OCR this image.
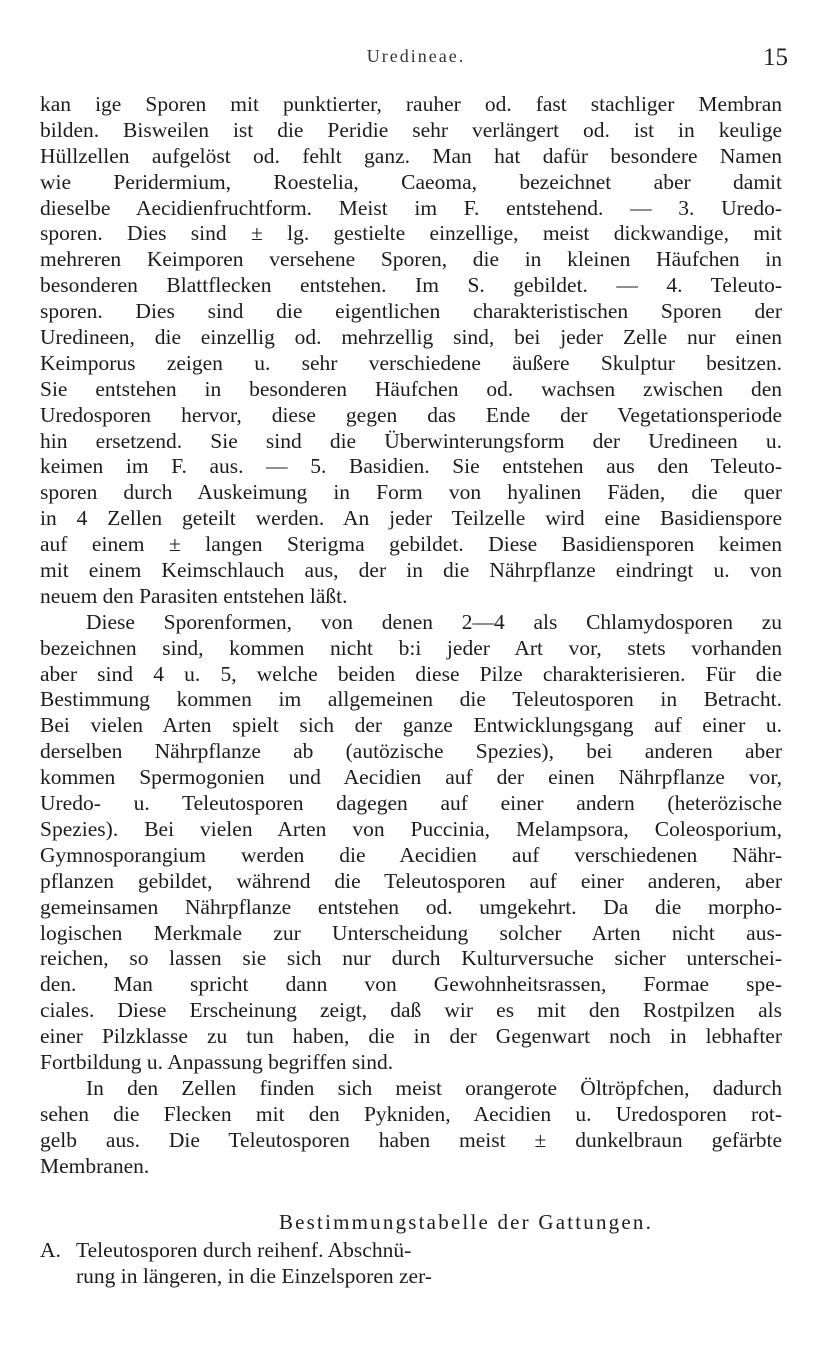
Uredineae.	15
kan ige Sporen mit punktierter, rauher od. fast stachliger Membran
bilden. Bisweilen ist die Peridie sehr verlängert od. ist in keulige
Hüllzellen aufgelöst od. fehlt ganz. Man hat dafür besondere Namen
wie Peridermium, Roestelia, Caeoma, bezeichnet aber damit
dieselbe Aecidienfruchtform. Meist im F. entstehend. — 3. Uredo-
sporen. Dies sind ± lg. gestielte einzellige, meist dickwandige, mit
mehreren Keimporen versehene Sporen, die in kleinen Häufchen in
besonderen Blattflecken entstehen. Im S. gebildet. — 4. Teleuto-
sporen. Dies sind die eigentlichen charakteristischen Sporen der
Uredineen, die einzellig od. mehrzellig sind, bei jeder Zelle nur einen
Keimporus zeigen u. sehr verschiedene äußere Skulptur besitzen.
Sie entstehen in besonderen Häufchen od. wachsen zwischen den
Uredosporen hervor, diese gegen das Ende der Vegetationsperiode
hin ersetzend. Sie sind die Überwinterungsform der Uredineen u.
keimen im F. aus. — 5. Basidien. Sie entstehen aus den Teleuto-
sporen durch Auskeimung in Form von hyalinen Fäden, die quer
in 4 Zellen geteilt werden. An jeder Teilzelle wird eine Basidienspore
auf einem ± langen Sterigma gebildet. Diese Basidiensporen keimen
mit einem Keimschlauch aus, der in die Nährpflanze eindringt u. von
neuem den Parasiten entstehen läßt.
Diese Sporenformen, von denen 2—4 als Chlamydosporen zu
bezeichnen sind, kommen nicht b:i jeder Art vor, stets vorhanden
aber sind 4 u. 5, welche beiden diese Pilze charakterisieren. Für die
Bestimmung kommen im allgemeinen die Teleutosporen in Betracht.
Bei vielen Arten spielt sich der ganze Entwicklungsgang auf einer u.
derselben Nährpflanze ab (autözische Spezies), bei anderen aber
kommen Spermogonien und Aecidien auf der einen Nährpflanze vor,
Uredo- u. Teleutosporen dagegen auf einer andern (heterözische
Spezies). Bei vielen Arten von Puccinia, Melampsora, Coleosporium,
Gymnosporangium werden die Aecidien auf verschiedenen Nähr-
pflanzen gebildet, während die Teleutosporen auf einer anderen, aber
gemeinsamen Nährpflanze entstehen od. umgekehrt. Da die morpho-
logischen Merkmale zur Unterscheidung solcher Arten nicht aus-
reichen, so lassen sie sich nur durch Kulturversuche sicher unterschei-
den. Man spricht dann von Gewohnheitsrassen, Formae spe-
ciales. Diese Erscheinung zeigt, daß wir es mit den Rostpilzen als
einer Pilzklasse zu tun haben, die in der Gegenwart noch in lebhafter
Fortbildung u. Anpassung begriffen sind.
In den Zellen finden sich meist orangerote Öltröpfchen, dadurch
sehen die Flecken mit den Pykniden, Aecidien u. Uredosporen rot-
gelb aus. Die Teleutosporen haben meist ± dunkelbraun gefärbte
Membranen.
Bestimmungstabelle der Gattungen.
A. Teleutosporen durch reihenf. Abschnü-
rung in längeren, in die Einzelsporen zer-
